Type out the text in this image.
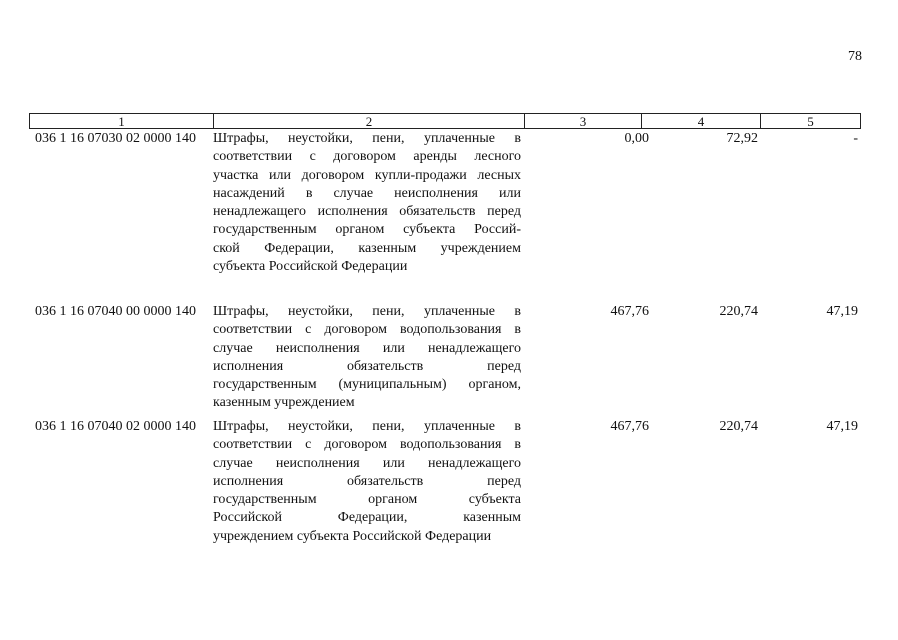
78
1	2	3	4	5
036 1 16 07030 02 0000 140 Штрафы, неустойки, пени, уплаченные в
соответствии с договором аренды лесного
участка или договором купли-продажи лесных
насаждений в случае неисполнения или
ненадлежащего исполнения обязательств перед
государственным органом субъекта Россий-
ской Федерации, казенным учреждением
субъекта Российской Федерации
0,00	72,92	-
036 1 16 07040 00 0000 140 Штрафы, неустойки, пени, уплаченные в
соответствии с договором водопользования в
случае неисполнения или ненадлежащего
исполнения обязательств перед
государственным (муниципальным) органом,
казенным учреждением
467,76	220,74	47,19
036 1 16 07040 02 0000 140 Штрафы, неустойки, пени, уплаченные в
соответствии с договором водопользования в
случае неисполнения или ненадлежащего
исполнения обязательств перед
государственным органом субъекта
Российской Федерации, казенным
учреждением субъекта Российской Федерации
467,76	220,74	47,19
